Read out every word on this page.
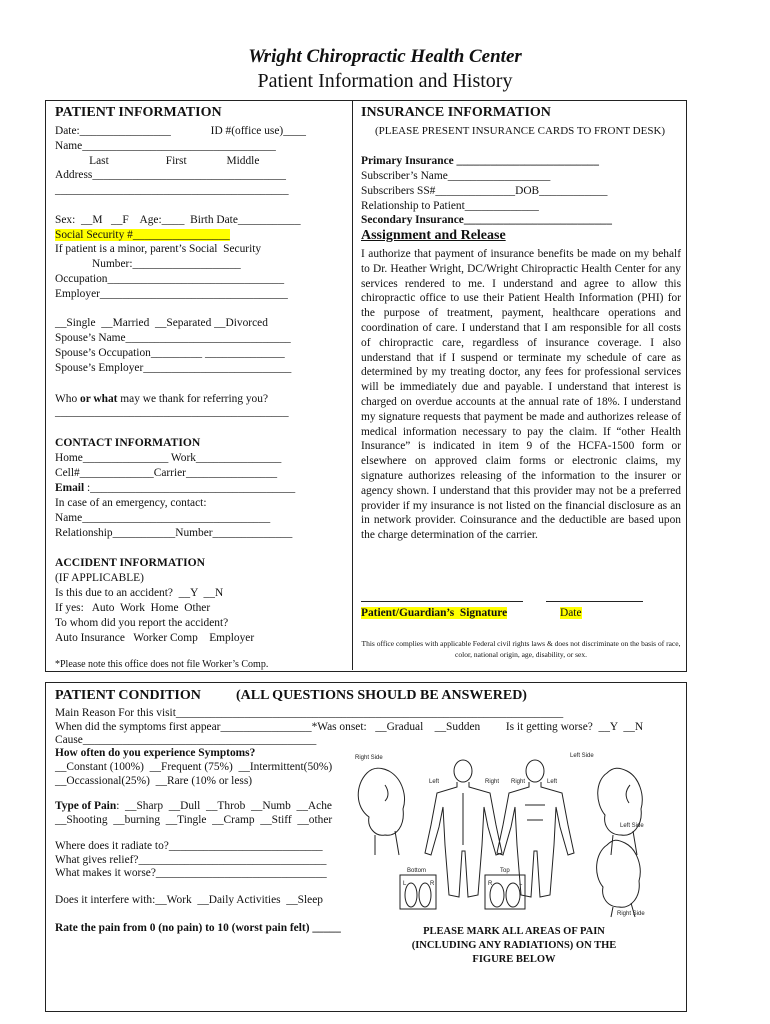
Wright Chiropractic Health Center
Patient Information and History
PATIENT INFORMATION
Date:________________              ID #(office use)____
Name__________________________________
Last                    First              Middle
Address__________________________________
_________________________________________
Sex:  __M   __F    Age:____  Birth Date___________
If patient is a minor, parent’s Social  Security
Number:___________________
Occupation_______________________________
Employer_________________________________
__Single  __Married  __Separated __Divorced
Spouse’s Name_____________________________
Spouse’s Occupation_________ ______________
Spouse’s Employer__________________________
_________________________________________
Social Security #_________________
Who or what may we thank for referring you?
CONTACT INFORMATION
Home_______________ Work_______________
Cell#_____________Carrier________________
In case of an emergency, contact:
Name_________________________________
Relationship___________Number______________
Email :____________________________________
ACCIDENT INFORMATION
(IF APPLICABLE)
Is this due to an accident?  __Y  __N
If yes:   Auto  Work  Home  Other
To whom did you report the accident?
Auto Insurance   Worker Comp    Employer
*Please note this office does not file Worker’s Comp.
INSURANCE INFORMATION
(PLEASE PRESENT INSURANCE CARDS TO FRONT DESK)
Primary Insurance _________________________
Subscriber’s Name__________________
Subscribers SS#______________DOB____________
Relationship to Patient_____________
Secondary Insurance__________________________
Assignment and Release
I authorize that payment of insurance benefits be made on my behalf to Dr. Heather Wright, DC/Wright Chiropractic Health Center for any services rendered to me. I understand and agree to allow this chiropractic office to use their Patient Health Information (PHI) for the purpose of treatment, payment, healthcare operations and coordination of care. I understand that I am responsible for all costs of chiropractic care, regardless of insurance coverage. I also understand that if I suspend or terminate my schedule of care as determined by my treating doctor, any fees for professional services will be immediately due and payable. I understand that interest is charged on overdue accounts at the annual rate of 18%. I understand my signature requests that payment be made and authorizes release of medical information necessary to pay the claim. If “other Health Insurance” is indicated in item 9 of the HCFA-1500 form or elsewhere on approved claim forms or electronic claims, my signature authorizes releasing of the information to the insurer or agency shown. I understand that this provider may not be a preferred provider if my insurance is not listed on the financial disclosure as an in network provider. Coinsurance and the deductible are based upon the charge determination of the carrier.
Patient/Guardian’s  Signature	Date
This office complies with applicable Federal civil rights laws & does not discriminate on the basis of race, color, national origin, age, disability, or sex.
PATIENT CONDITION	(ALL QUESTIONS SHOULD BE ANSWERED)
Main Reason For this visit____________________________________________________________________
When did the symptoms first appear________________*Was onset:   __Gradual    __Sudden         Is it getting worse?  __Y  __N
Cause_________________________________________
How often do you experience Symptoms?
__Constant (100%)  __Frequent (75%)  __Intermittent(50%)
__Occassional(25%)  __Rare (10% or less)
Type of Pain:  __Sharp  __Dull  __Throb  __Numb  __Ache
__Shooting  __burning  __Tingle  __Cramp  __Stiff  __other
Where does it radiate to?___________________________
What gives relief?_________________________________
What makes it worse?______________________________
Does it interfere with:__Work  __Daily Activities  __Sleep
Rate the pain from 0 (no pain) to 10 (worst pain felt) _____	PLEASE MARK ALL AREAS OF PAIN (INCLUDING ANY RADIATIONS) ON THE FIGURE BELOW
Right Side	Left Side
Left	Right Right	Left
Left Side
Bottom	Top
L	R	R	L
Right Side
